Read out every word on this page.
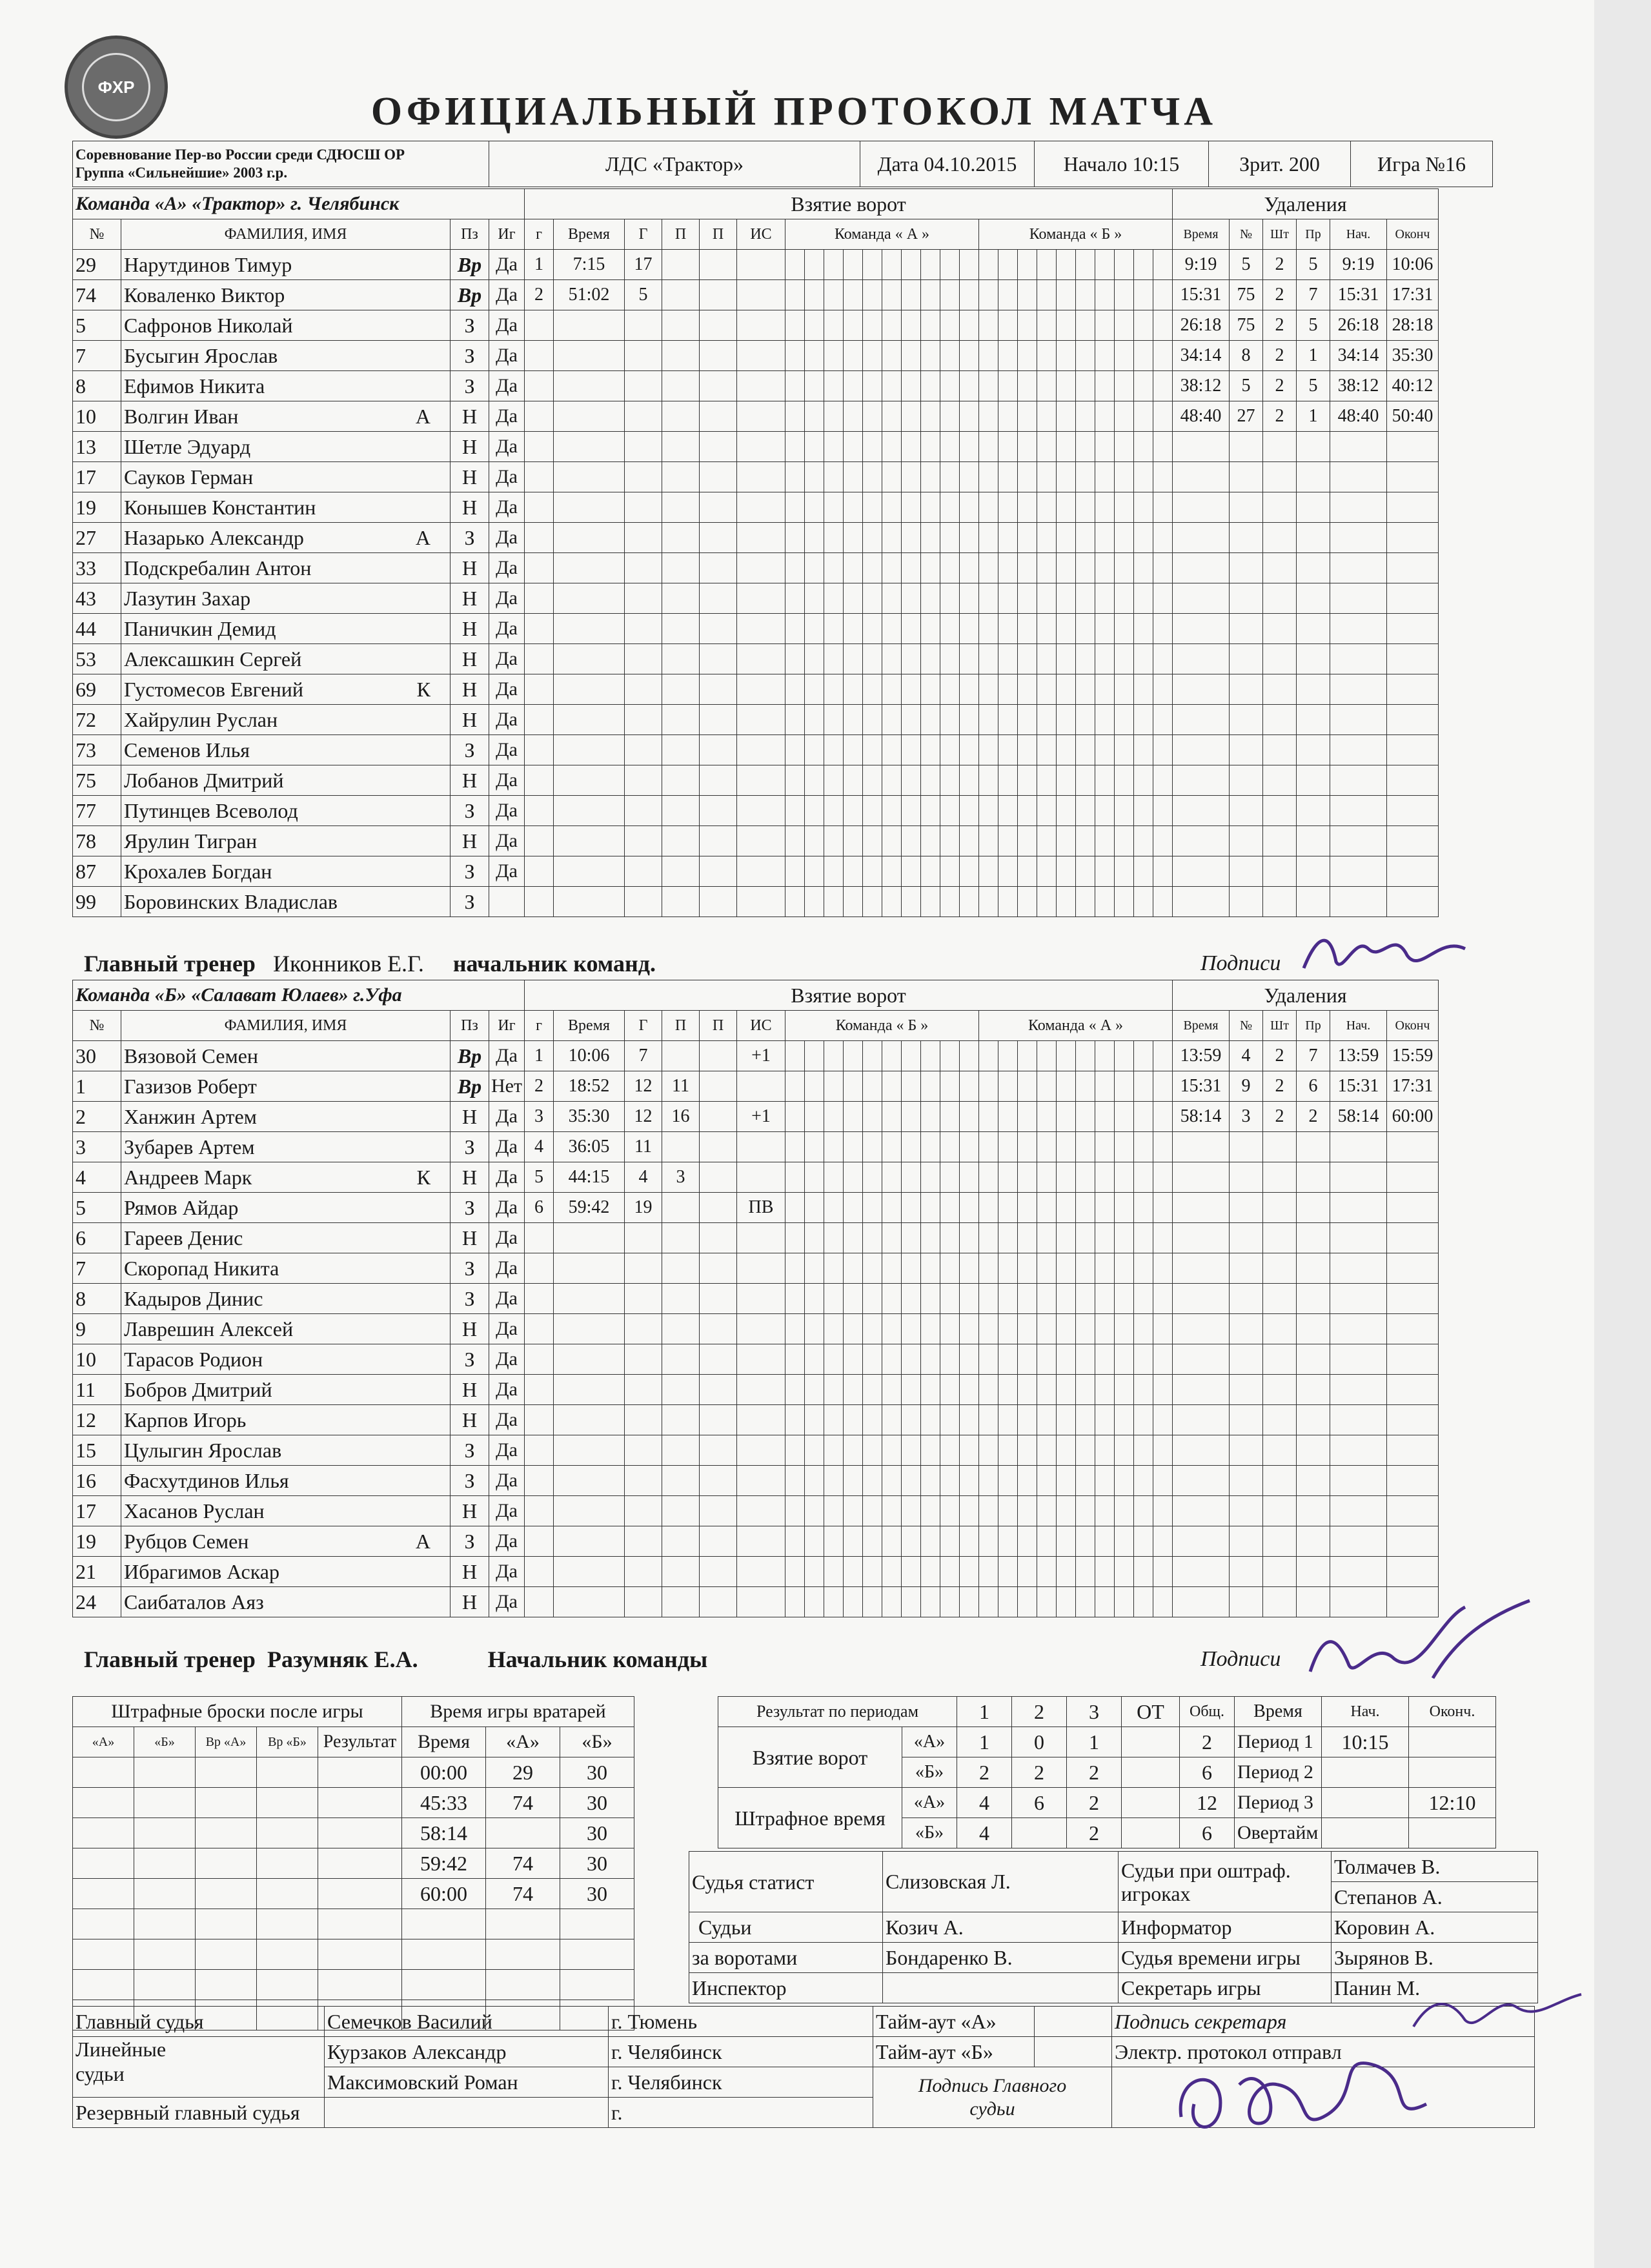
ФХР
ОФИЦИАЛЬНЫЙ ПРОТОКОЛ МАТЧА
Соревнование Пер-во России среди СДЮСШ ОР
Группа «Сильнейшие» 2003 г.р.	ЛДС «Трактор»	Дата 04.10.2015	Начало 10:15	Зрит. 200	Игра №16
Команда «А» «Трактор» г. Челябинск				Взятие ворот																										Удаления					
№	ФАМИЛИЯ, ИМЯ	Пз	Иг	г	Время	Г	П	П	ИС	Команда « А »										Команда « Б »										Время	№	Шт	Пр	Нач.	Оконч
29	Нарутдинов Тимур	Вр	Да	1	7:15	17																								9:19	5	2	5	9:19	10:06
74	Коваленко Виктор	Вр	Да	2	51:02	5																								15:31	75	2	7	15:31	17:31
5	Сафронов Николай	З	Да																											26:18	75	2	5	26:18	28:18
7	Бусыгин Ярослав	З	Да																											34:14	8	2	1	34:14	35:30
8	Ефимов Никита	З	Да																											38:12	5	2	5	38:12	40:12
10	Волгин Иван А	Н	Да																											48:40	27	2	1	48:40	50:40
13	Шетле Эдуард	Н	Да																																
17	Сауков Герман	Н	Да																																
19	Конышев Константин	Н	Да																																
27	Назарько Александр А	З	Да																																
33	Подскребалин Антон	Н	Да																																
43	Лазутин Захар	Н	Да																																
44	Паничкин Демид	Н	Да																																
53	Алексашкин Сергей	Н	Да																																
69	Густомесов Евгений К	Н	Да																																
72	Хайрулин Руслан	Н	Да																																
73	Семенов Илья	З	Да																																
75	Лобанов Дмитрий	Н	Да																																
77	Путинцев Всеволод	З	Да																																
78	Ярулин Тигран	Н	Да																																
87	Крохалев Богдан	З	Да																																
99	Боровинских Владислав	З																																	
Главный тренер Иконников Е.Г. начальник команд.	Подписи
Команда «Б» «Салават Юлаев» г.Уфа				Взятие ворот																										Удаления					
№	ФАМИЛИЯ, ИМЯ	Пз	Иг	г	Время	Г	П	П	ИС	Команда « Б »										Команда « А »										Время	№	Шт	Пр	Нач.	Оконч
30	Вязовой Семен	Вр	Да	1	10:06	7			+1																					13:59	4	2	7	13:59	15:59
1	Газизов Роберт	Вр	Нет	2	18:52	12	11																							15:31	9	2	6	15:31	17:31
2	Ханжин Артем	Н	Да	3	35:30	12	16		+1																					58:14	3	2	2	58:14	60:00
3	Зубарев Артем	З	Да	4	36:05	11																													
4	Андреев Марк К	Н	Да	5	44:15	4	3																												
5	Рямов Айдар	З	Да	6	59:42	19			ПВ																										
6	Гареев Денис	Н	Да																																
7	Скоропад Никита	З	Да																																
8	Кадыров Динис	З	Да																																
9	Лаврешин Алексей	Н	Да																																
10	Тарасов Родион	З	Да																																
11	Бобров Дмитрий	Н	Да																																
12	Карпов Игорь	Н	Да																																
15	Цулыгин Ярослав	З	Да																																
16	Фасхутдинов Илья	З	Да																																
17	Хасанов Руслан	Н	Да																																
19	Рубцов Семен А	З	Да																																
21	Ибрагимов Аскар	Н	Да																																
24	Саибаталов Аяз	Н	Да																																
Главный тренер Разумняк Е.А.	Начальник команды	Подписи
Штрафные броски после игры					Время игры вратарей		
«А»	«Б»	Вр «А»	Вр «Б»	Результат	Время	«А»	«Б»
					00:00	29	30
					45:33	74	30
					58:14		30
					59:42	74	30
					60:00	74	30

Результат по периодам		1	2	3	ОТ	Общ.	Время	Нач.	Оконч.
Взятие ворот	«А»	1	0	1		2	Период 1	10:15	
	«Б»	2	2	2		6	Период 2		
Штрафное время	«А»	4	6	2		12	Период 3		12:10
	«Б»	4		2		6	Овертайм		
Судья статист	Слизовская Л.	Судьи при оштраф. игроках	Толмачев В.
			Степанов А.
Судьи	Козич А.	Информатор	Коровин А.
за воротами	Бондаренко В.	Судья времени игры	Зырянов В.
Инспектор		Секретарь игры	Панин М.
Главный судья	Семечков Василий	г. Тюмень	Тайм-аут «А»		Подпись секретаря

Линейные
судьи	Курзаков Александр	г. Челябинск	Тайм-аут «Б»		Электр. протокол отправл
	Максимовский Роман	г. Челябинск	Подпись Главного
судьи		

Резервный главный судья		г.			
